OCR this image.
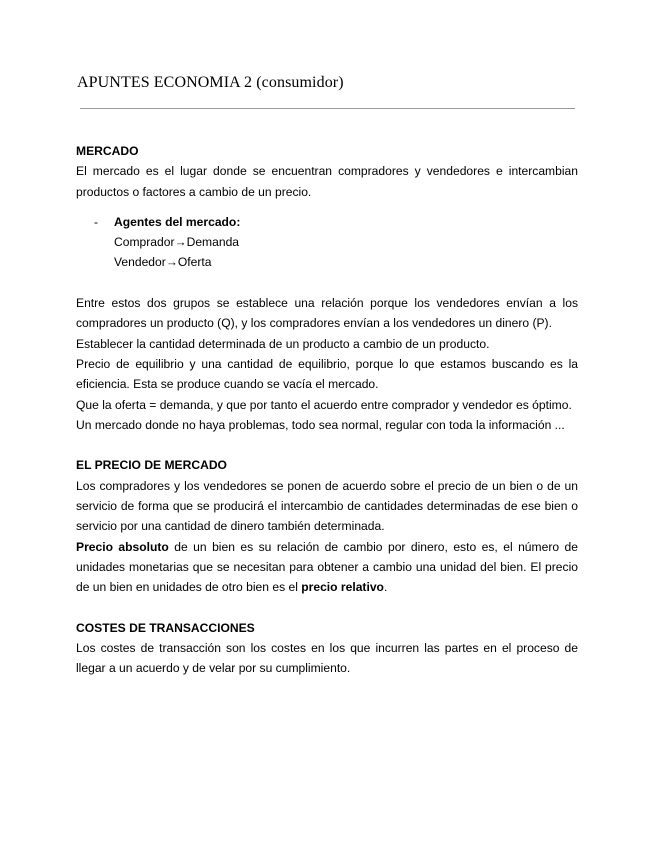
APUNTES ECONOMIA 2 (consumidor)

MERCADO

El mercado es el lugar donde se encuentran compradores y vendedores e intercambian productos o factores a cambio de un precio.

- Agentes del mercado:
Comprador→Demanda
Vendedor→Oferta

Entre estos dos grupos se establece una relación porque los vendedores envían a los compradores un producto (Q), y los compradores envían a los vendedores un dinero (P).

Establecer la cantidad determinada de un producto a cambio de un producto.

Precio de equilibrio y una cantidad de equilibrio, porque lo que estamos buscando es la eficiencia. Esta se produce cuando se vacía el mercado.

Que la oferta = demanda, y que por tanto el acuerdo entre comprador y vendedor es óptimo.

Un mercado donde no haya problemas, todo sea normal, regular con toda la información ...

EL PRECIO DE MERCADO

Los compradores y los vendedores se ponen de acuerdo sobre el precio de un bien o de un servicio de forma que se producirá el intercambio de cantidades determinadas de ese bien o servicio por una cantidad de dinero también determinada.

Precio absoluto de un bien es su relación de cambio por dinero, esto es, el número de unidades monetarias que se necesitan para obtener a cambio una unidad del bien. El precio de un bien en unidades de otro bien es el precio relativo.

COSTES DE TRANSACCIONES

Los costes de transacción son los costes en los que incurren las partes en el proceso de llegar a un acuerdo y de velar por su cumplimiento.
